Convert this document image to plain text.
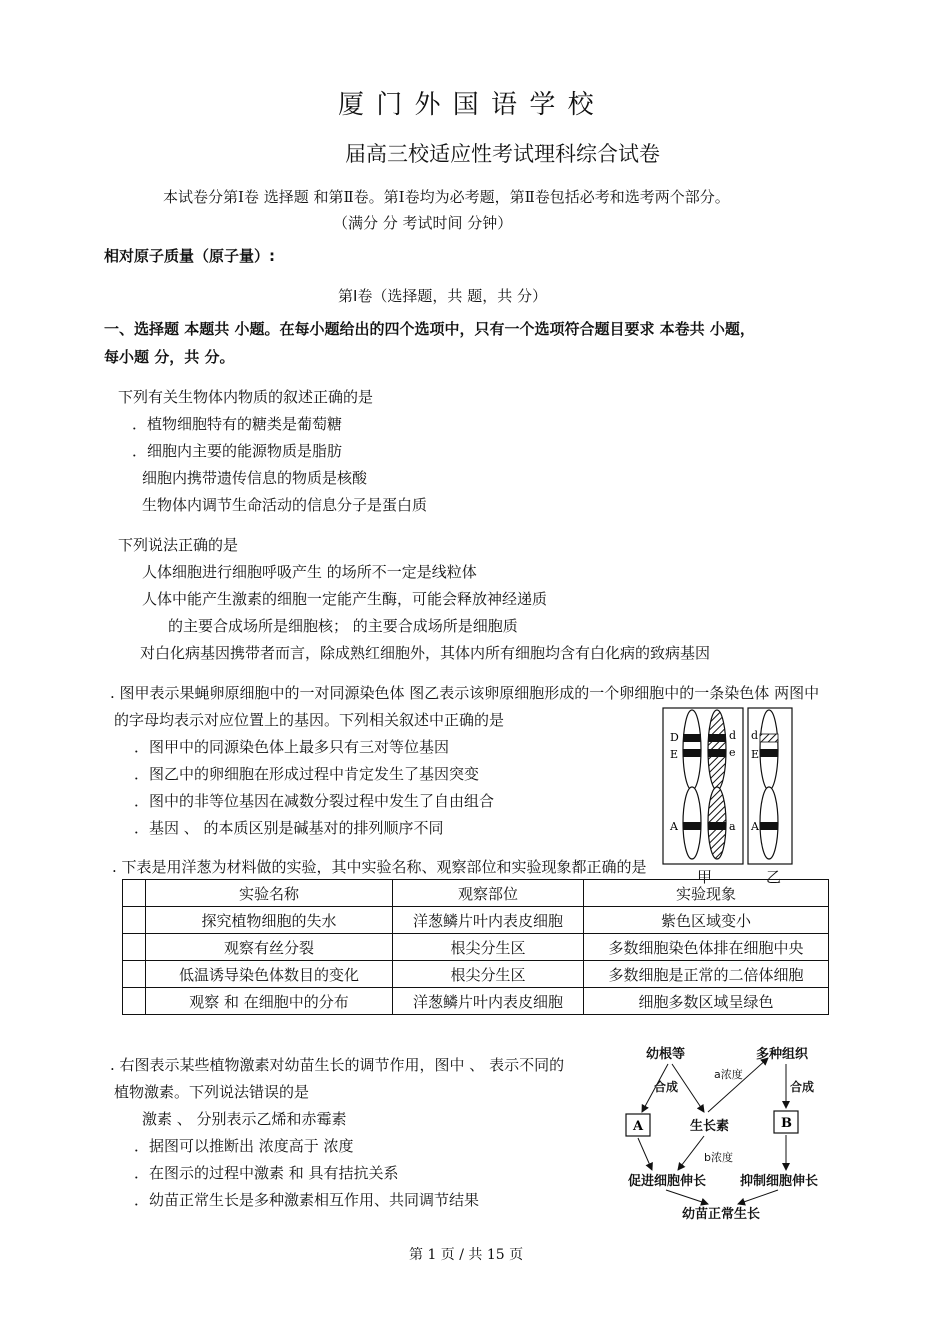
厦 门 外 国 语 学 校
届高三校适应性考试理科综合试卷
本试卷分第Ⅰ卷 选择题 和第Ⅱ卷。第Ⅰ卷均为必考题，第Ⅱ卷包括必考和选考两个部分。
（满分 分 考试时间 分钟）
相对原子质量（原子量）:
第Ⅰ卷（选择题，共 题，共 分）
一、选择题 本题共 小题。在每小题给出的四个选项中，只有一个选项符合题目要求 本卷共 小题，
每小题 分，共 分。
下列有关生物体内物质的叙述正确的是
．植物细胞特有的糖类是葡萄糖
．细胞内主要的能源物质是脂肪
细胞内携带遗传信息的物质是核酸
生物体内调节生命活动的信息分子是蛋白质
下列说法正确的是
人体细胞进行细胞呼吸产生 的场所不一定是线粒体
人体中能产生激素的细胞一定能产生酶，可能会释放神经递质
的主要合成场所是细胞核； 的主要合成场所是细胞质
对白化病基因携带者而言，除成熟红细胞外，其体内所有细胞均含有白化病的致病基因
. 图甲表示果蝇卵原细胞中的一对同源染色体 图乙表示该卵原细胞形成的一个卵细胞中的一条染色体 两图中
的字母均表示对应位置上的基因。下列相关叙述中正确的是
．图甲中的同源染色体上最多只有三对等位基因
．图乙中的卵细胞在形成过程中肯定发生了基因突变
．图中的非等位基因在减数分裂过程中发生了自由组合
．基因 、 的本质区别是碱基对的排列顺序不同
D
E
A
d
e
a
d
E
A
甲	乙
. 下表是用洋葱为材料做的实验，其中实验名称、观察部位和实验现象都正确的是
	实验名称	观察部位	实验现象
	探究植物细胞的失水	洋葱鳞片叶内表皮细胞	紫色区域变小
	观察有丝分裂	根尖分生区	多数细胞染色体排在细胞中央
	低温诱导染色体数目的变化	根尖分生区	多数细胞是正常的二倍体细胞
	观察 和 在细胞中的分布	洋葱鳞片叶内表皮细胞	细胞多数区域呈绿色
. 右图表示某些植物激素对幼苗生长的调节作用，图中 、 表示不同的
植物激素。下列说法错误的是
激素 、 分别表示乙烯和赤霉素
．据图可以推断出 浓度高于 浓度
．在图示的过程中激素 和 具有拮抗关系
．幼苗正常生长是多种激素相互作用、共同调节结果
幼根等	多种组织
合成	合成
a浓度
生长素
b浓度
促进细胞伸长	抑制细胞伸长
幼苗正常生长
A	B
第 1 页 / 共 15 页
